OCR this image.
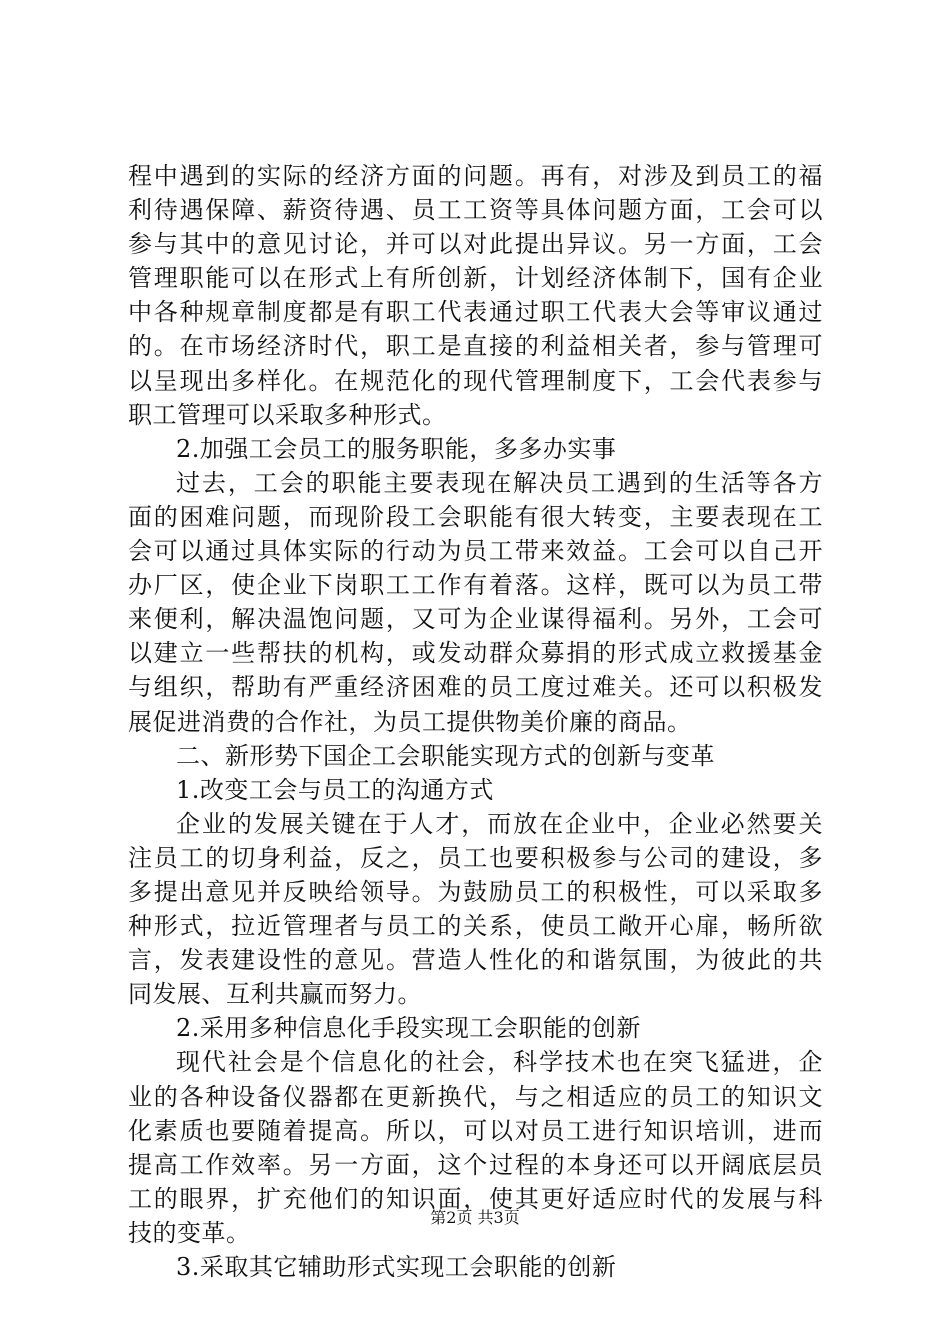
程中遇到的实际的经济方面的问题。再有，对涉及到员工的福
利待遇保障、薪资待遇、员工工资等具体问题方面，工会可以
参与其中的意见讨论，并可以对此提出异议。另一方面，工会
管理职能可以在形式上有所创新，计划经济体制下，国有企业
中各种规章制度都是有职工代表通过职工代表大会等审议通过
的。在市场经济时代，职工是直接的利益相关者，参与管理可
以呈现出多样化。在规范化的现代管理制度下，工会代表参与
职工管理可以采取多种形式。
2.加强工会员工的服务职能，多多办实事
过去，工会的职能主要表现在解决员工遇到的生活等各方
面的困难问题，而现阶段工会职能有很大转变，主要表现在工
会可以通过具体实际的行动为员工带来效益。工会可以自己开
办厂区，使企业下岗职工工作有着落。这样，既可以为员工带
来便利，解决温饱问题，又可为企业谋得福利。另外，工会可
以建立一些帮扶的机构，或发动群众募捐的形式成立救援基金
与组织，帮助有严重经济困难的员工度过难关。还可以积极发
展促进消费的合作社，为员工提供物美价廉的商品。
二、新形势下国企工会职能实现方式的创新与变革
1.改变工会与员工的沟通方式
企业的发展关键在于人才，而放在企业中，企业必然要关
注员工的切身利益，反之，员工也要积极参与公司的建设，多
多提出意见并反映给领导。为鼓励员工的积极性，可以采取多
种形式，拉近管理者与员工的关系，使员工敞开心扉，畅所欲
言，发表建设性的意见。营造人性化的和谐氛围，为彼此的共
同发展、互利共赢而努力。
2.采用多种信息化手段实现工会职能的创新
现代社会是个信息化的社会，科学技术也在突飞猛进，企
业的各种设备仪器都在更新换代，与之相适应的员工的知识文
化素质也要随着提高。所以，可以对员工进行知识培训，进而
提高工作效率。另一方面，这个过程的本身还可以开阔底层员
工的眼界，扩充他们的知识面，使其更好适应时代的发展与科
技的变革。
3.采取其它辅助形式实现工会职能的创新
第2页 共3页
